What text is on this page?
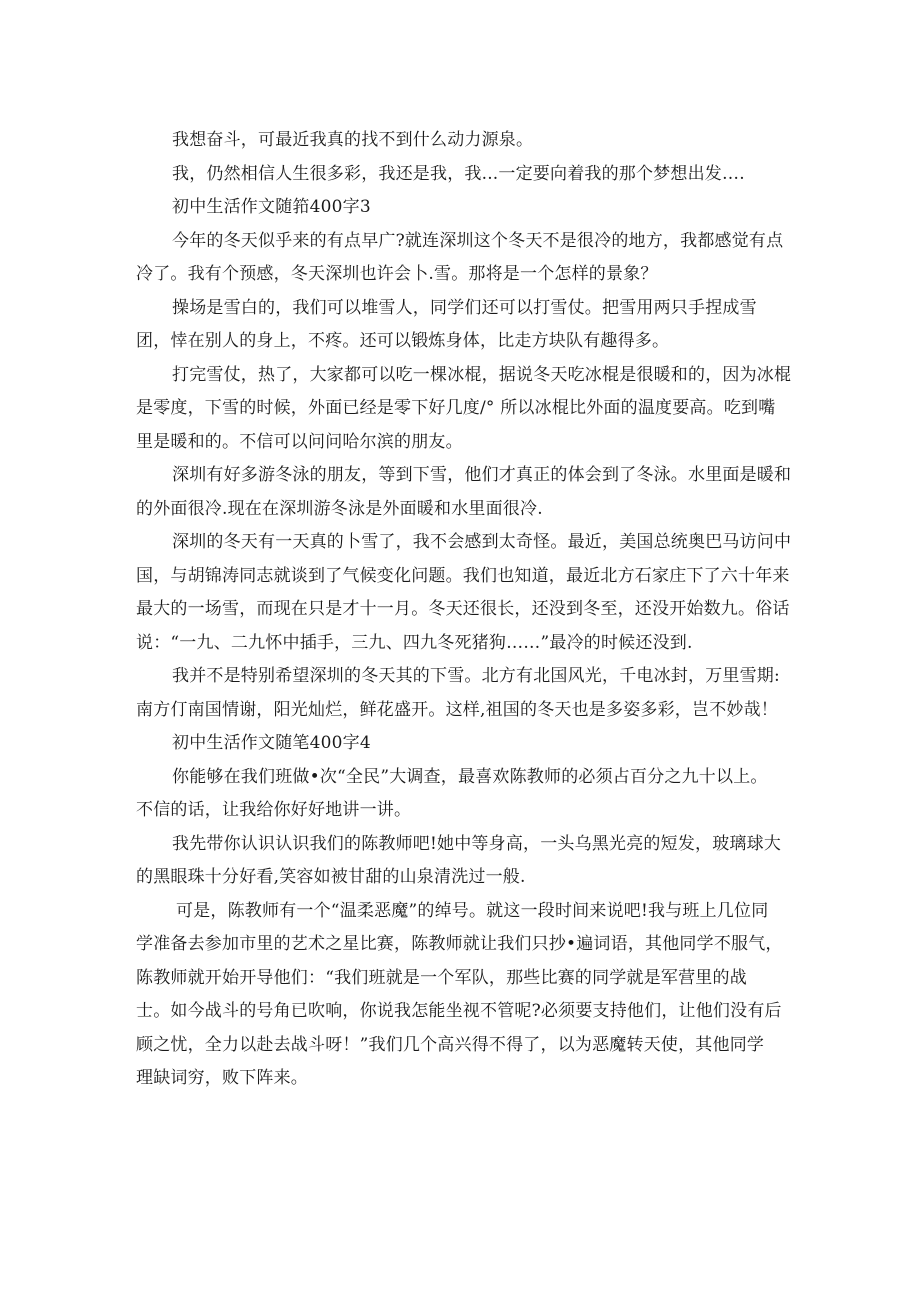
我想奋斗，可最近我真的找不到什么动力源泉。
我，仍然相信人生很多彩，我还是我，我...一定要向着我的那个梦想出发….
初中生活作文随筘400字3
今年的冬天似乎来的有点早广?就连深圳这个冬天不是很冷的地方，我都感觉有点
冷了。我有个预感，冬天深圳也许会卜.雪。那将是一个怎样的景象？
操场是雪白的，我们可以堆雪人，同学们还可以打雪仗。把雪用两只手捏成雪
团，悻在别人的身上，不疼。还可以锻炼身体，比走方块队有趣得多。
打完雪仗，热了，大家都可以吃一棵冰棍，据说冬天吃冰棍是很暖和的，因为冰棍
是零度，下雪的时候，外面已经是零下好几度/° 所以冰棍比外面的温度要高。吃到嘴
里是暖和的。不信可以问问哈尔滨的朋友。
深圳有好多游冬泳的朋友，等到下雪，他们才真正的体会到了冬泳。水里面是暖和
的外面很冷.现在在深圳游冬泳是外面暖和水里面很冷.
深圳的冬天有一天真的卜雪了，我不会感到太奇怪。最近，美国总统奥巴马访问中
国，与胡锦涛同志就谈到了气候变化问题。我们也知道，最近北方石家庄下了六十年来
最大的一场雪，而现在只是才十一月。冬天还很长，还没到冬至，还没开始数九。俗话
说：“一九、二九怀中插手，三九、四九冬死猪狗……”最冷的时候还没到.
我并不是特别希望深圳的冬天其的下雪。北方有北国风光，千电冰封，万里雪期:
南方仃南国情谢，阳光灿烂，鲜花盛开。这样,祖国的冬天也是多姿多彩，岂不妙哉！
初中生活作文随笔400字4
你能够在我们班做•次“全民”大调查，最喜欢陈教师的必须占百分之九十以上。
不信的话，让我给你好好地讲一讲。
我先带你认识认识我们的陈教师吧!她中等身高，一头乌黑光亮的短发，玻璃球大
的黑眼珠十分好看,笑容如被甘甜的山泉清洗过一般.
可是，陈教师有一个“温柔恶魔”的绰号。就这一段时间来说吧!我与班上几位同
学准备去参加市里的艺术之星比赛，陈教师就让我们只抄•遍词语，其他同学不服气，
陈教师就开始开导他们：“我们班就是一个军队，那些比赛的同学就是军营里的战
士。如今战斗的号角已吹响，你说我怎能坐视不管呢?必须要支持他们，让他们没有后
顾之忧，全力以赴去战斗呀！”我们几个高兴得不得了，以为恶魔转天使，其他同学
理缺词穷，败下阵来。
